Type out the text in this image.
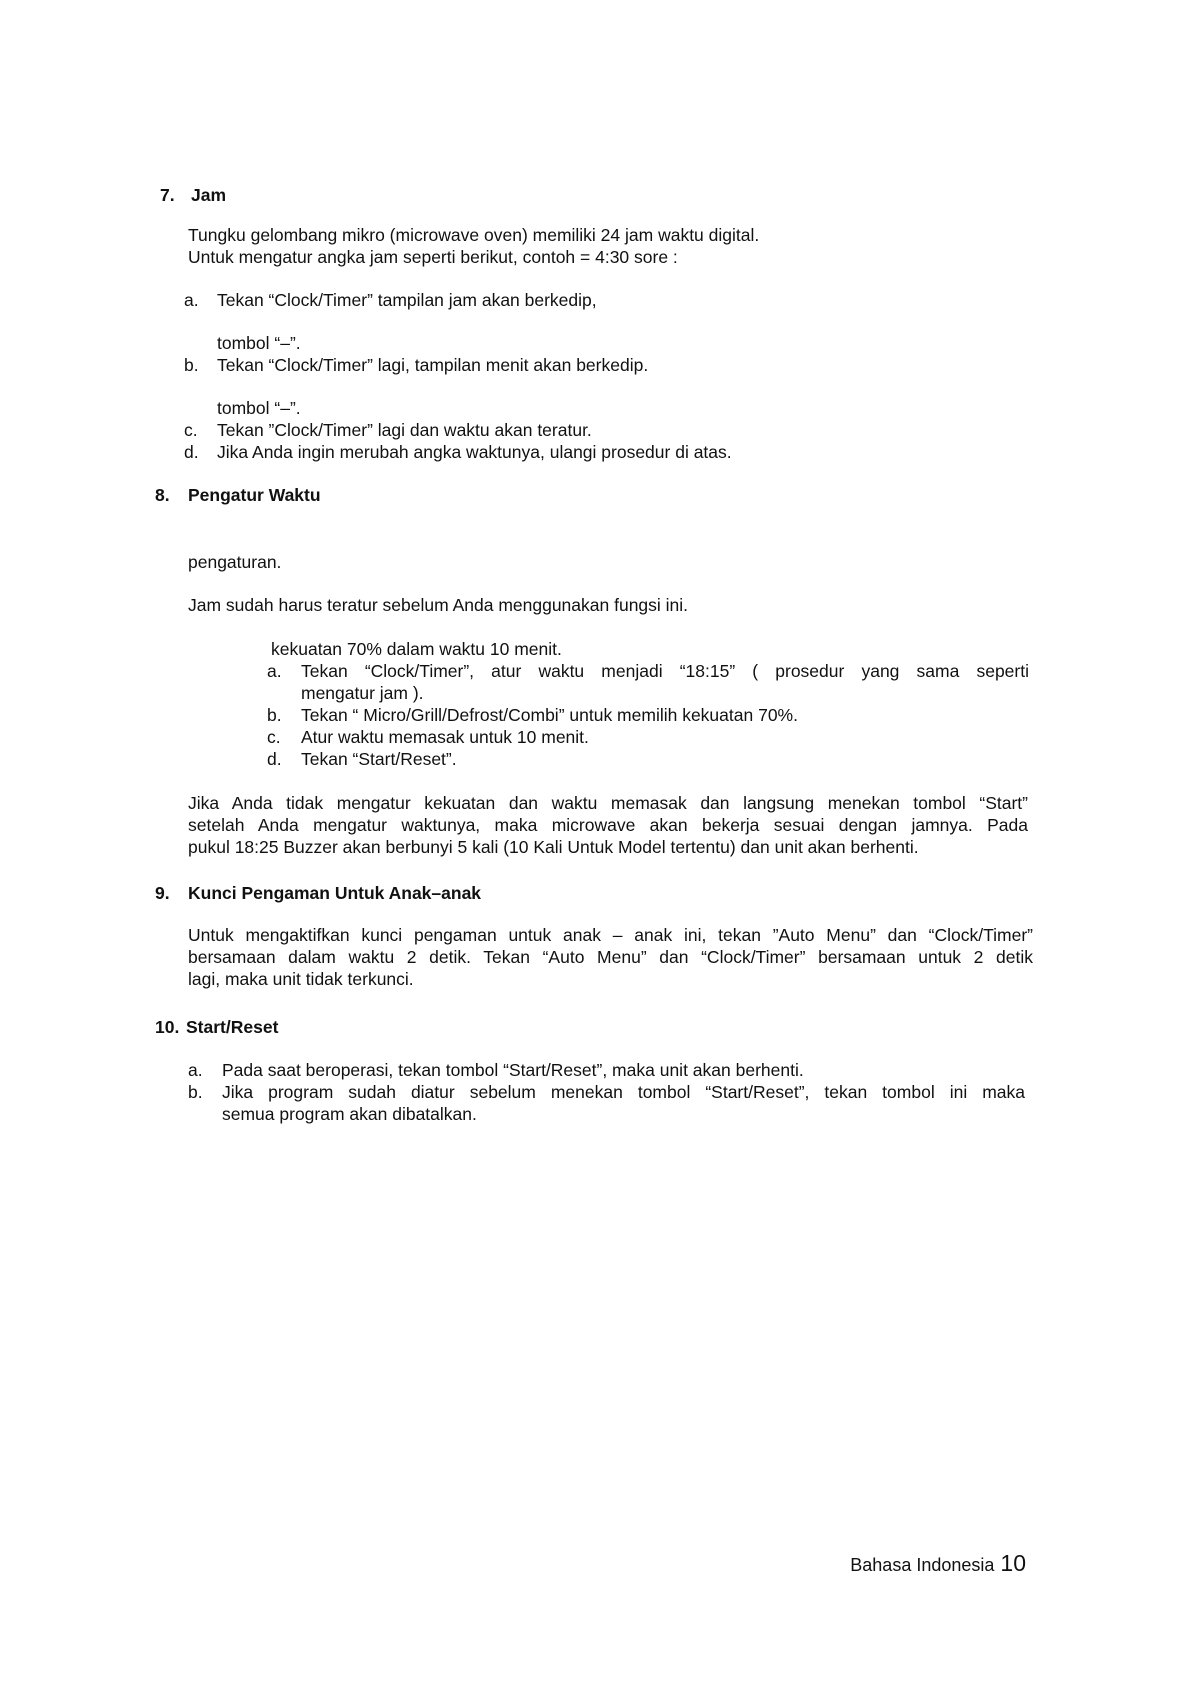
7. Jam
Tungku gelombang mikro (microwave oven) memiliki 24 jam waktu digital.
Untuk mengatur angka jam seperti berikut, contoh = 4:30 sore :
a. Tekan “Clock/Timer” tampilan jam akan berkedip,
tombol “–”.
b. Tekan “Clock/Timer” lagi, tampilan menit akan berkedip.
tombol “–”.
c. Tekan ”Clock/Timer” lagi dan waktu akan teratur.
d. Jika Anda ingin merubah angka waktunya, ulangi prosedur di atas.
8. Pengatur Waktu
pengaturan.
Jam sudah harus teratur sebelum Anda menggunakan fungsi ini.
kekuatan 70% dalam waktu 10 menit.
a. Tekan “Clock/Timer”, atur waktu menjadi “18:15” ( prosedur yang sama seperti
mengatur jam ).
b. Tekan “ Micro/Grill/Defrost/Combi” untuk memilih kekuatan 70%.
c. Atur waktu memasak untuk 10 menit.
d. Tekan “Start/Reset”.
Jika Anda tidak mengatur kekuatan dan waktu memasak dan langsung menekan tombol “Start”
setelah Anda mengatur waktunya, maka microwave akan bekerja sesuai dengan jamnya. Pada
pukul 18:25 Buzzer akan berbunyi 5 kali (10 Kali Untuk Model tertentu) dan unit akan berhenti.
9. Kunci Pengaman Untuk Anak–anak
Untuk mengaktifkan kunci pengaman untuk anak – anak ini, tekan ”Auto Menu” dan “Clock/Timer”
bersamaan dalam waktu 2 detik. Tekan “Auto Menu” dan “Clock/Timer” bersamaan untuk 2 detik
lagi, maka unit tidak terkunci.
10. Start/Reset
a. Pada saat beroperasi, tekan tombol “Start/Reset”, maka unit akan berhenti.
b. Jika program sudah diatur sebelum menekan tombol “Start/Reset”, tekan tombol ini maka
semua program akan dibatalkan.
Bahasa Indonesia 10
